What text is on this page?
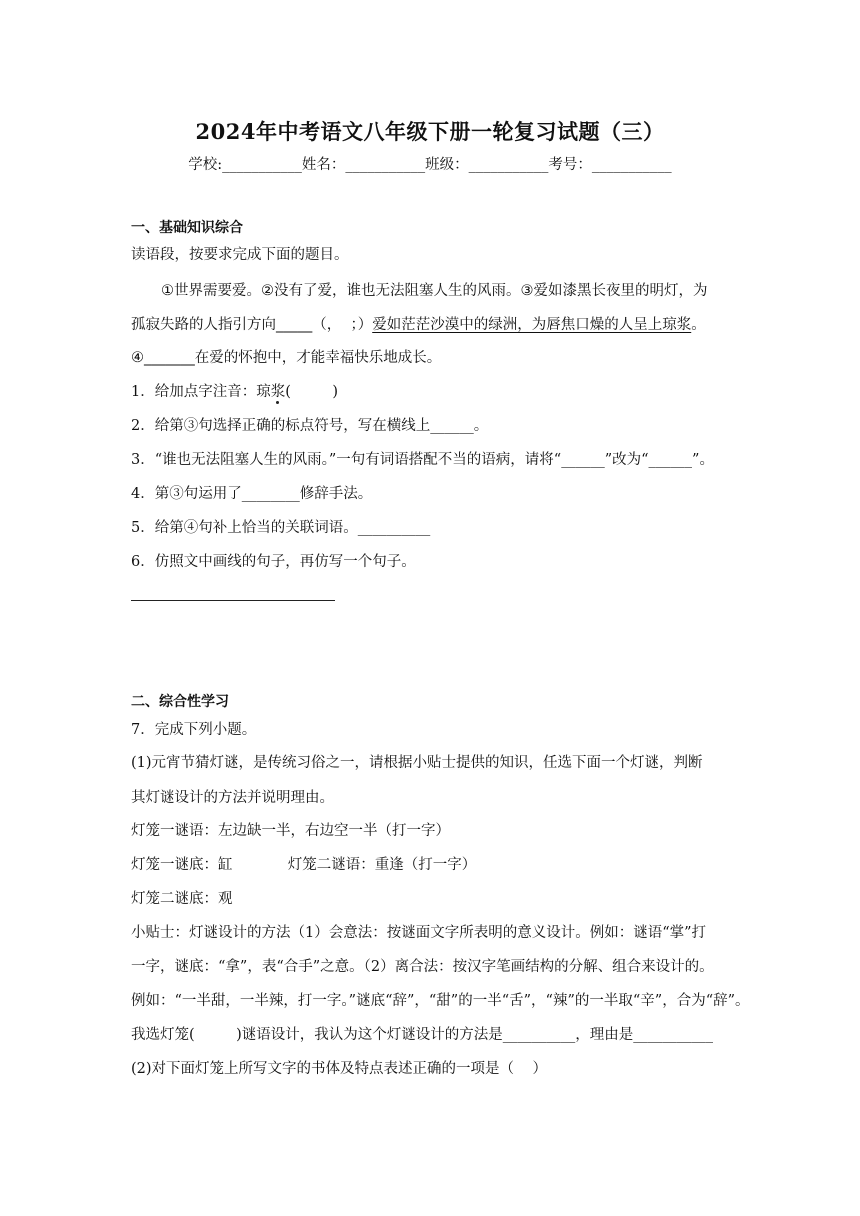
2024年中考语文八年级下册一轮复习试题（三）
学校:___________姓名：___________班级：___________考号：___________
一、基础知识综合
读语段，按要求完成下面的题目。
①世界需要爱。②没有了爱，谁也无法阻塞人生的风雨。③爱如漆黑长夜里的明灯，为
孤寂失路的人指引方向_____（，  ；）爱如茫茫沙漠中的绿洲，为唇焦口燥的人呈上琼浆。
④_______在爱的怀抱中，才能幸福快乐地成长。
1．给加点字注音：琼浆(         )
2．给第③句选择正确的标点符号，写在横线上______。
3．“谁也无法阻塞人生的风雨。”一句有词语搭配不当的语病，请将“______”改为“______”。
4．第③句运用了________修辞手法。
5．给第④句补上恰当的关联词语。__________
6．仿照文中画线的句子，再仿写一个句子。
二、综合性学习
7．完成下列小题。
(1)元宵节猜灯谜，是传统习俗之一，请根据小贴士提供的知识，任选下面一个灯谜，判断
其灯谜设计的方法并说明理由。
灯笼一谜语：左边缺一半，右边空一半（打一字）
灯笼一谜底：缸            灯笼二谜语：重逢（打一字）
灯笼二谜底：观
小贴士：灯谜设计的方法（1）会意法：按谜面文字所表明的意义设计。例如：谜语“掌”打
一字，谜底：“拿”，表“合手”之意。（2）离合法：按汉字笔画结构的分解、组合来设计的。
例如：“一半甜，一半辣，打一字。”谜底“辞”，“甜”的一半“舌”，“辣”的一半取“辛”，合为“辞”。
我选灯笼(         )谜语设计，我认为这个灯谜设计的方法是__________，理由是___________
(2)对下面灯笼上所写文字的书体及特点表述正确的一项是（    ）
